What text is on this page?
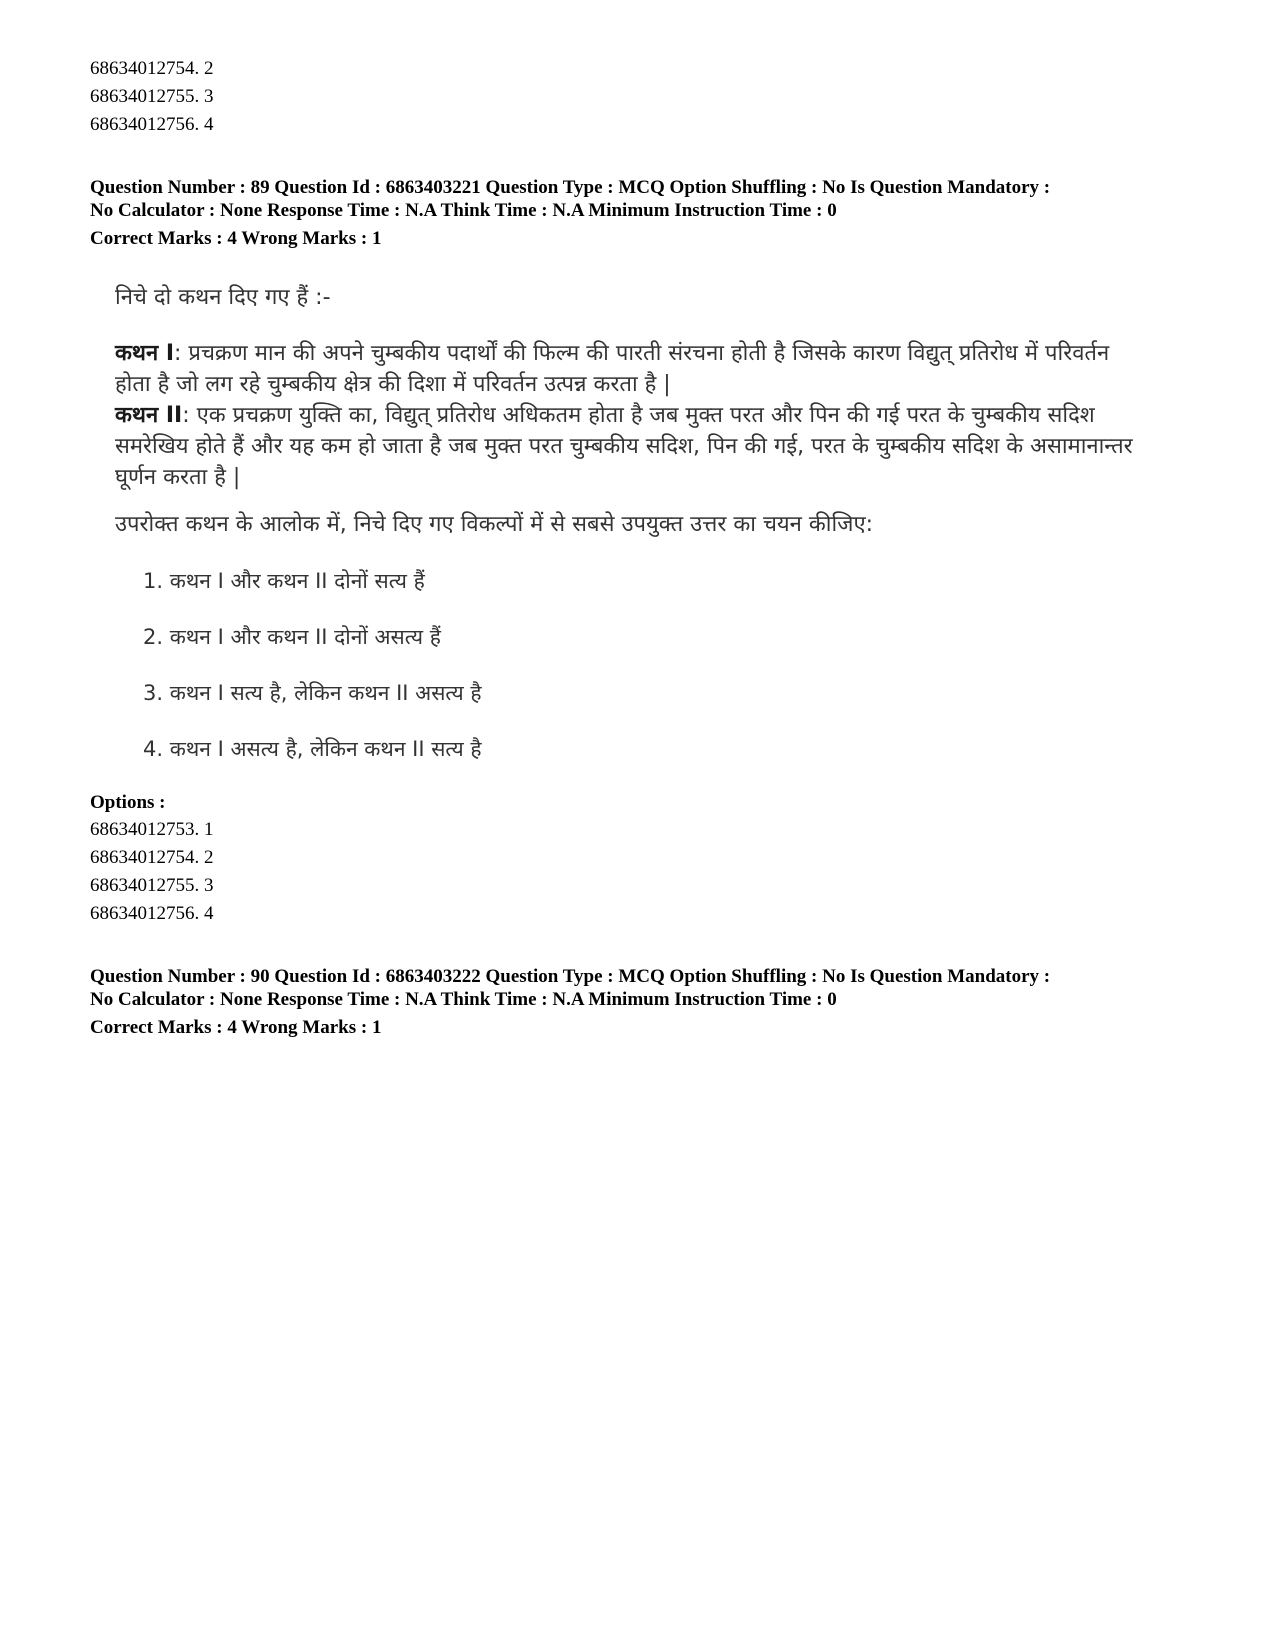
68634012754. 2
68634012755. 3
68634012756. 4
Question Number : 89 Question Id : 6863403221 Question Type : MCQ Option Shuffling : No Is Question Mandatory :
No Calculator : None Response Time : N.A Think Time : N.A Minimum Instruction Time : 0
Correct Marks : 4 Wrong Marks : 1
निचे दो कथन दिए गए हैं :-
कथन I: प्रचक्रण मान की अपने चुम्बकीय पदार्थों की फिल्म की पारती संरचना होती है जिसके कारण विद्युत् प्रतिरोध में परिवर्तन होता है जो लग रहे चुम्बकीय क्षेत्र की दिशा में परिवर्तन उत्पन्न करता है |
कथन II: एक प्रचक्रण युक्ति का, विद्युत् प्रतिरोध अधिकतम होता है जब मुक्त परत और पिन की गई परत के चुम्बकीय सदिश समरेखिय होते हैं और यह कम हो जाता है जब मुक्त परत चुम्बकीय सदिश, पिन की गई, परत के चुम्बकीय सदिश के असामानान्तर घूर्णन करता है |
उपरोक्त कथन के आलोक में, निचे दिए गए विकल्पों में से सबसे उपयुक्त उत्तर का चयन कीजिए:
1. कथन I और कथन II दोनों सत्य हैं
2. कथन I और कथन II दोनों असत्य हैं
3. कथन I सत्य है, लेकिन कथन II असत्य है
4. कथन I असत्य है, लेकिन कथन II सत्य है
Options :
68634012753. 1
68634012754. 2
68634012755. 3
68634012756. 4
Question Number : 90 Question Id : 6863403222 Question Type : MCQ Option Shuffling : No Is Question Mandatory :
No Calculator : None Response Time : N.A Think Time : N.A Minimum Instruction Time : 0
Correct Marks : 4 Wrong Marks : 1
